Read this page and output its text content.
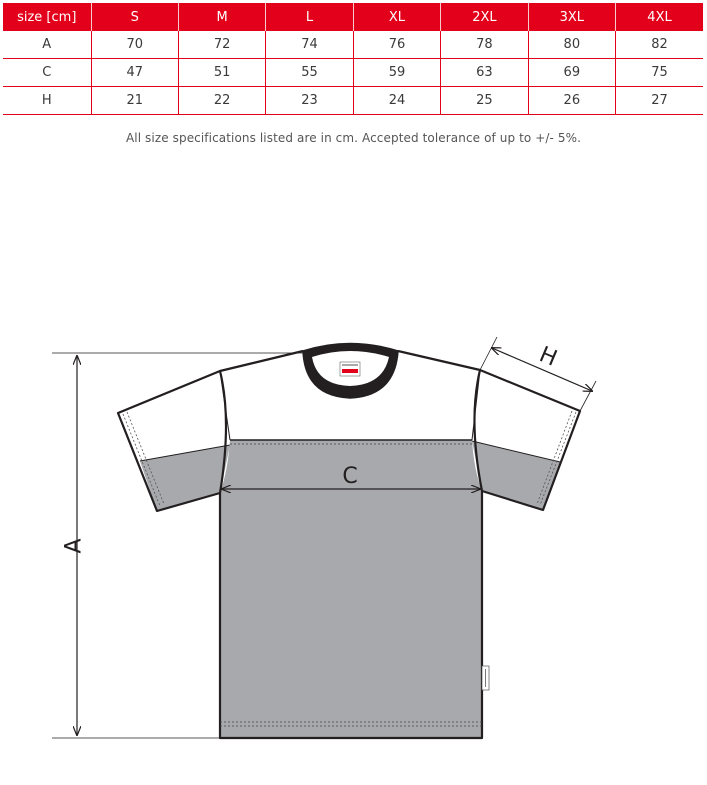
size [cm]	S	M	L	XL	2XL	3XL	4XL
A	70	72	74	76	78	80	82
C	47	51	55	59	63	69	75
H	21	22	23	24	25	26	27
All size specifications listed are in cm. Accepted tolerance of up to +/- 5%.
A
C
H
